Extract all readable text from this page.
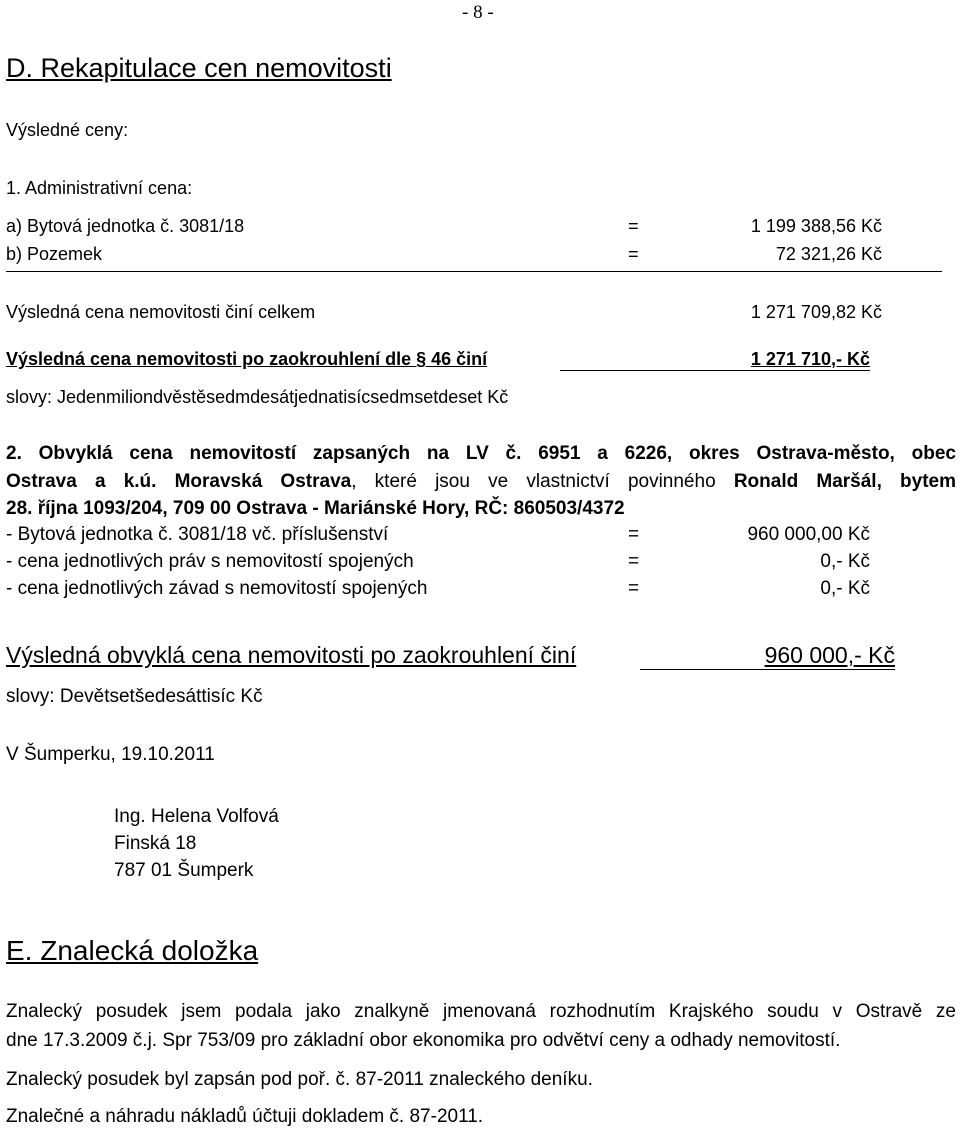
- 8 -
D. Rekapitulace cen nemovitosti
Výsledné ceny:
1. Administrativní cena:
a) Bytová jednotka č. 3081/18	=	1 199 388,56 Kč
b) Pozemek	=	72 321,26 Kč
Výsledná cena nemovitosti činí celkem	1 271 709,82 Kč
Výsledná cena nemovitosti po zaokrouhlení dle § 46 činí	1 271 710,- Kč
slovy: Jedenmiliondvěstěsedmdesátjednatisícsedmsetdeset Kč
2. Obvyklá cena nemovitostí zapsaných na LV č. 6951 a 6226, okres Ostrava-město, obec
Ostrava a k.ú. Moravská Ostrava, které jsou ve vlastnictví povinného Ronald Maršál, bytem
28. října 1093/204, 709 00 Ostrava - Mariánské Hory, RČ: 860503/4372
- Bytová jednotka č. 3081/18 vč. příslušenství	=	960 000,00 Kč
- cena jednotlivých práv s nemovitostí spojených	=	0,- Kč
- cena jednotlivých závad s nemovitostí spojených	=	0,- Kč
Výsledná obvyklá cena nemovitosti po zaokrouhlení činí	960 000,- Kč
slovy: Devětsetšedesáttisíc Kč
V Šumperku, 19.10.2011
Ing. Helena Volfová
Finská 18
787 01 Šumperk
E. Znalecká doložka
Znalecký posudek jsem podala jako znalkyně jmenovaná rozhodnutím Krajského soudu v Ostravě ze
dne 17.3.2009 č.j. Spr 753/09 pro základní obor ekonomika pro odvětví ceny a odhady nemovitostí.
Znalecký posudek byl zapsán pod poř. č. 87-2011 znaleckého deníku.
Znalečné a náhradu nákladů účtuji dokladem č. 87-2011.
